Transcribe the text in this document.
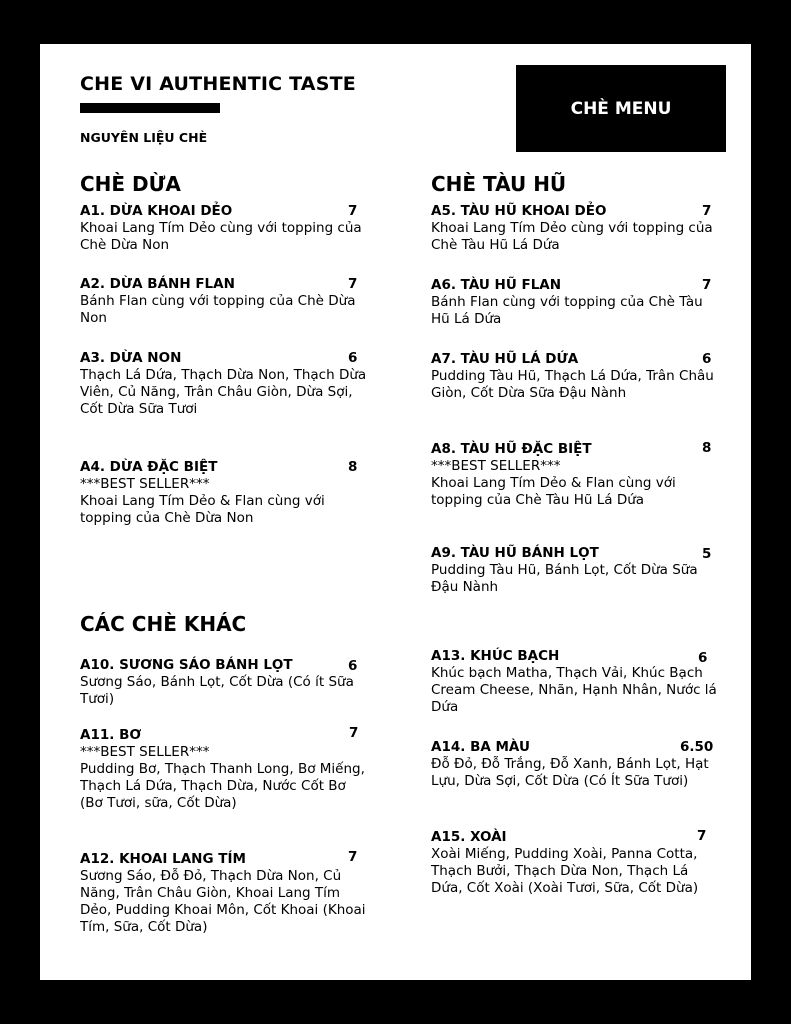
CHE VI AUTHENTIC TASTE
NGUYÊN LIỆU CHÈ
CHÈ MENU
CHÈ DỪA	CHÈ TÀU HŨ
CÁC CHÈ KHÁC
A1. DỪA KHOAI DẺO
Khoai Lang Tím Dẻo cùng với topping của Chè Dừa Non
7
A2. DỪA BÁNH FLAN
Bánh Flan cùng với topping của Chè Dừa Non
7
A3. DỪA NON
Thạch Lá Dứa, Thạch Dừa Non, Thạch Dừa Viên, Củ Năng, Trân Châu Giòn, Dừa Sợi, Cốt Dừa Sữa Tươi
6
A4. DỪA ĐẶC BIỆT
***BEST SELLER***
Khoai Lang Tím Dẻo & Flan cùng với topping của Chè Dừa Non
8
A5. TÀU HŨ KHOAI DẺO
Khoai Lang Tím Dẻo cùng với topping của Chè Tàu Hũ Lá Dứa
7
A6. TÀU HŨ FLAN
Bánh Flan cùng với topping của Chè Tàu Hũ Lá Dứa
7
A7. TÀU HŨ LÁ DỨA
Pudding Tàu Hũ, Thạch Lá Dứa, Trân Châu Giòn, Cốt Dừa Sữa Đậu Nành
6
A8. TÀU HŨ ĐẶC BIỆT
***BEST SELLER***
Khoai Lang Tím Dẻo & Flan cùng với topping của Chè Tàu Hũ Lá Dứa
8
A9. TÀU HŨ BÁNH LỌT
Pudding Tàu Hũ, Bánh Lọt, Cốt Dừa Sữa Đậu Nành
5
A10. SƯƠNG SÁO BÁNH LỌT
Sương Sáo, Bánh Lọt, Cốt Dừa (Có ít Sữa Tươi)
6
A11. BƠ
***BEST SELLER***
Pudding Bơ, Thạch Thanh Long, Bơ Miếng, Thạch Lá Dứa, Thạch Dừa, Nước Cốt Bơ (Bơ Tươi, sữa, Cốt Dừa)
7
A12. KHOAI LANG TÍM
Sương Sáo, Đỗ Đỏ, Thạch Dừa Non, Củ Năng, Trân Châu Giòn, Khoai Lang Tím Dẻo, Pudding Khoai Môn, Cốt Khoai (Khoai Tím, Sữa, Cốt Dừa)
7
A13. KHÚC BẠCH
Khúc bạch Matha, Thạch Vải, Khúc Bạch Cream Cheese, Nhãn, Hạnh Nhân, Nước lá Dứa
6
A14. BA MÀU
Đỗ Đỏ, Đỗ Trắng, Đỗ Xanh, Bánh Lọt, Hạt Lựu, Dừa Sợi, Cốt Dừa (Có Ít Sữa Tươi)
6.50
A15. XOÀI
Xoài Miếng, Pudding Xoài, Panna Cotta, Thạch Bưởi, Thạch Dừa Non, Thạch Lá Dứa, Cốt Xoài (Xoài Tươi, Sữa, Cốt Dừa)
7
